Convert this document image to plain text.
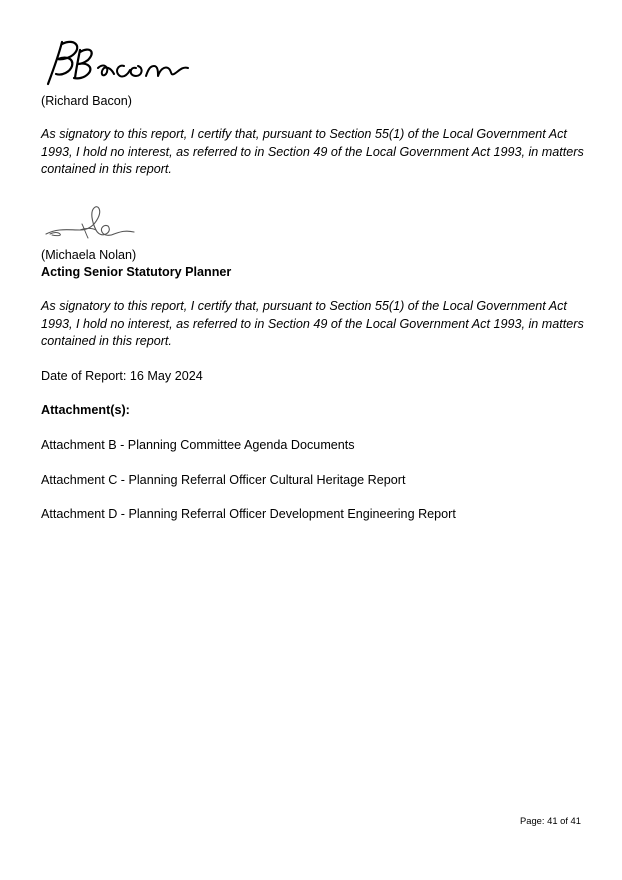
(Richard Bacon)
As signatory to this report, I certify that, pursuant to Section 55(1) of the Local Government Act 1993, I hold no interest, as referred to in Section 49 of the Local Government Act 1993, in matters contained in this report.
(Michaela Nolan)
Acting Senior Statutory Planner
As signatory to this report, I certify that, pursuant to Section 55(1) of the Local Government Act 1993, I hold no interest, as referred to in Section 49 of the Local Government Act 1993, in matters contained in this report.
Date of Report: 16 May 2024
Attachment(s):
Attachment B - Planning Committee Agenda Documents
Attachment C - Planning Referral Officer Cultural Heritage Report
Attachment D - Planning Referral Officer Development Engineering Report
Page: 41 of 41
